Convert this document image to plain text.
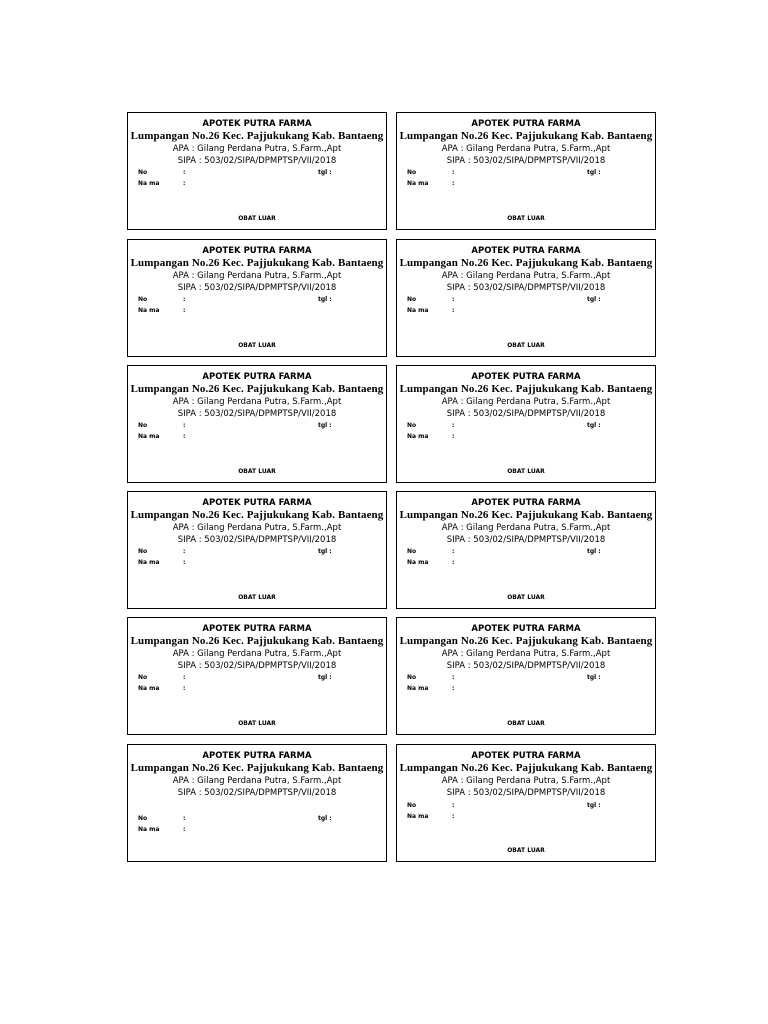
APOTEK PUTRA FARMA
Lumpangan No.26 Kec. Pajjukukang Kab. Bantaeng
APA : Gilang Perdana Putra, S.Farm.,Apt
SIPA : 503/02/SIPA/DPMPTSP/VII/2018
No	:	tgl :
Na ma	:
OBAT LUAR
APOTEK PUTRA FARMA
Lumpangan No.26 Kec. Pajjukukang Kab. Bantaeng
APA : Gilang Perdana Putra, S.Farm.,Apt
SIPA : 503/02/SIPA/DPMPTSP/VII/2018
No	:	tgl :
Na ma	:
OBAT LUAR
APOTEK PUTRA FARMA
Lumpangan No.26 Kec. Pajjukukang Kab. Bantaeng
APA : Gilang Perdana Putra, S.Farm.,Apt
SIPA : 503/02/SIPA/DPMPTSP/VII/2018
No	:	tgl :
Na ma	:
OBAT LUAR
APOTEK PUTRA FARMA
Lumpangan No.26 Kec. Pajjukukang Kab. Bantaeng
APA : Gilang Perdana Putra, S.Farm.,Apt
SIPA : 503/02/SIPA/DPMPTSP/VII/2018
No	:	tgl :
Na ma	:
OBAT LUAR
APOTEK PUTRA FARMA
Lumpangan No.26 Kec. Pajjukukang Kab. Bantaeng
APA : Gilang Perdana Putra, S.Farm.,Apt
SIPA : 503/02/SIPA/DPMPTSP/VII/2018
No	:	tgl :
Na ma	:
OBAT LUAR
APOTEK PUTRA FARMA
Lumpangan No.26 Kec. Pajjukukang Kab. Bantaeng
APA : Gilang Perdana Putra, S.Farm.,Apt
SIPA : 503/02/SIPA/DPMPTSP/VII/2018
No	:	tgl :
Na ma	:
OBAT LUAR
APOTEK PUTRA FARMA
Lumpangan No.26 Kec. Pajjukukang Kab. Bantaeng
APA : Gilang Perdana Putra, S.Farm.,Apt
SIPA : 503/02/SIPA/DPMPTSP/VII/2018
No	:	tgl :
Na ma	:
OBAT LUAR
APOTEK PUTRA FARMA
Lumpangan No.26 Kec. Pajjukukang Kab. Bantaeng
APA : Gilang Perdana Putra, S.Farm.,Apt
SIPA : 503/02/SIPA/DPMPTSP/VII/2018
No	:	tgl :
Na ma	:
OBAT LUAR
APOTEK PUTRA FARMA
Lumpangan No.26 Kec. Pajjukukang Kab. Bantaeng
APA : Gilang Perdana Putra, S.Farm.,Apt
SIPA : 503/02/SIPA/DPMPTSP/VII/2018
No	:	tgl :
Na ma	:
OBAT LUAR
APOTEK PUTRA FARMA
Lumpangan No.26 Kec. Pajjukukang Kab. Bantaeng
APA : Gilang Perdana Putra, S.Farm.,Apt
SIPA : 503/02/SIPA/DPMPTSP/VII/2018
No	:	tgl :
Na ma	:
OBAT LUAR
APOTEK PUTRA FARMA
Lumpangan No.26 Kec. Pajjukukang Kab. Bantaeng
APA : Gilang Perdana Putra, S.Farm.,Apt
SIPA : 503/02/SIPA/DPMPTSP/VII/2018
No	:	tgl :
Na ma	:
APOTEK PUTRA FARMA
Lumpangan No.26 Kec. Pajjukukang Kab. Bantaeng
APA : Gilang Perdana Putra, S.Farm.,Apt
SIPA : 503/02/SIPA/DPMPTSP/VII/2018
No	:	tgl :
Na ma	:
OBAT LUAR
